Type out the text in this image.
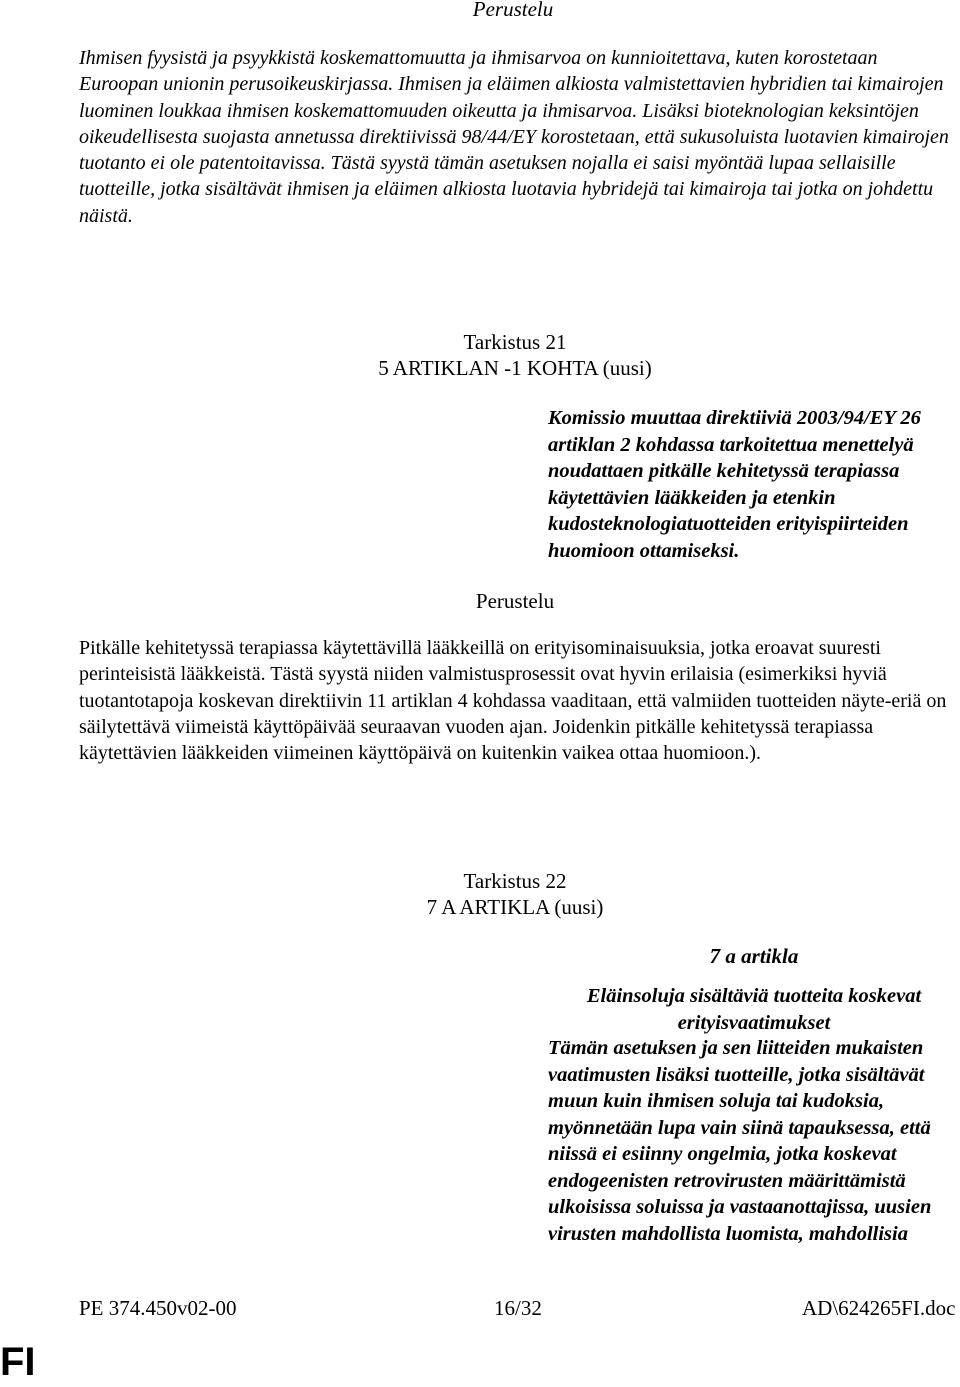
Perustelu
Ihmisen fyysistä ja psyykkistä koskemattomuutta ja ihmisarvoa on kunnioitettava, kuten korostetaan Euroopan unionin perusoikeuskirjassa. Ihmisen ja eläimen alkiosta valmistettavien hybridien tai kimairojen luominen loukkaa ihmisen koskemattomuuden oikeutta ja ihmisarvoa. Lisäksi bioteknologian keksintöjen oikeudellisesta suojasta annetussa direktiivissä 98/44/EY korostetaan, että sukusoluista luotavien kimairojen tuotanto ei ole patentoitavissa. Tästä syystä tämän asetuksen nojalla ei saisi myöntää lupaa sellaisille tuotteille, jotka sisältävät ihmisen ja eläimen alkiosta luotavia hybridejä tai kimairoja tai jotka on johdettu näistä.
Tarkistus 21
5 ARTIKLAN -1 KOHTA (uusi)
Komissio muuttaa direktiiviä 2003/94/EY 26 artiklan 2 kohdassa tarkoitettua menettelyä noudattaen pitkälle kehitetyssä terapiassa käytettävien lääkkeiden ja etenkin kudosteknologiatuotteiden erityispiirteiden huomioon ottamiseksi.
Perustelu
Pitkälle kehitetyssä terapiassa käytettävillä lääkkeillä on erityisominaisuuksia, jotka eroavat suuresti perinteisistä lääkkeistä. Tästä syystä niiden valmistusprosessit ovat hyvin erilaisia (esimerkiksi hyviä tuotantotapoja koskevan direktiivin 11 artiklan 4 kohdassa vaaditaan, että valmiiden tuotteiden näyte-eriä on säilytettävä viimeistä käyttöpäivää seuraavan vuoden ajan. Joidenkin pitkälle kehitetyssä terapiassa käytettävien lääkkeiden viimeinen käyttöpäivä on kuitenkin vaikea ottaa huomioon.).
Tarkistus 22
7 A ARTIKLA (uusi)
7 a artikla
Eläinsoluja sisältäviä tuotteita koskevat erityisvaatimukset
Tämän asetuksen ja sen liitteiden mukaisten vaatimusten lisäksi tuotteille, jotka sisältävät muun kuin ihmisen soluja tai kudoksia, myönnetään lupa vain siinä tapauksessa, että niissä ei esiinny ongelmia, jotka koskevat endogeenisten retrovirusten määrittämistä ulkoisissa soluissa ja vastaanottajissa, uusien virusten mahdollista luomista, mahdollisia
PE 374.450v02-00	16/32	AD\624265FI.doc
FI
